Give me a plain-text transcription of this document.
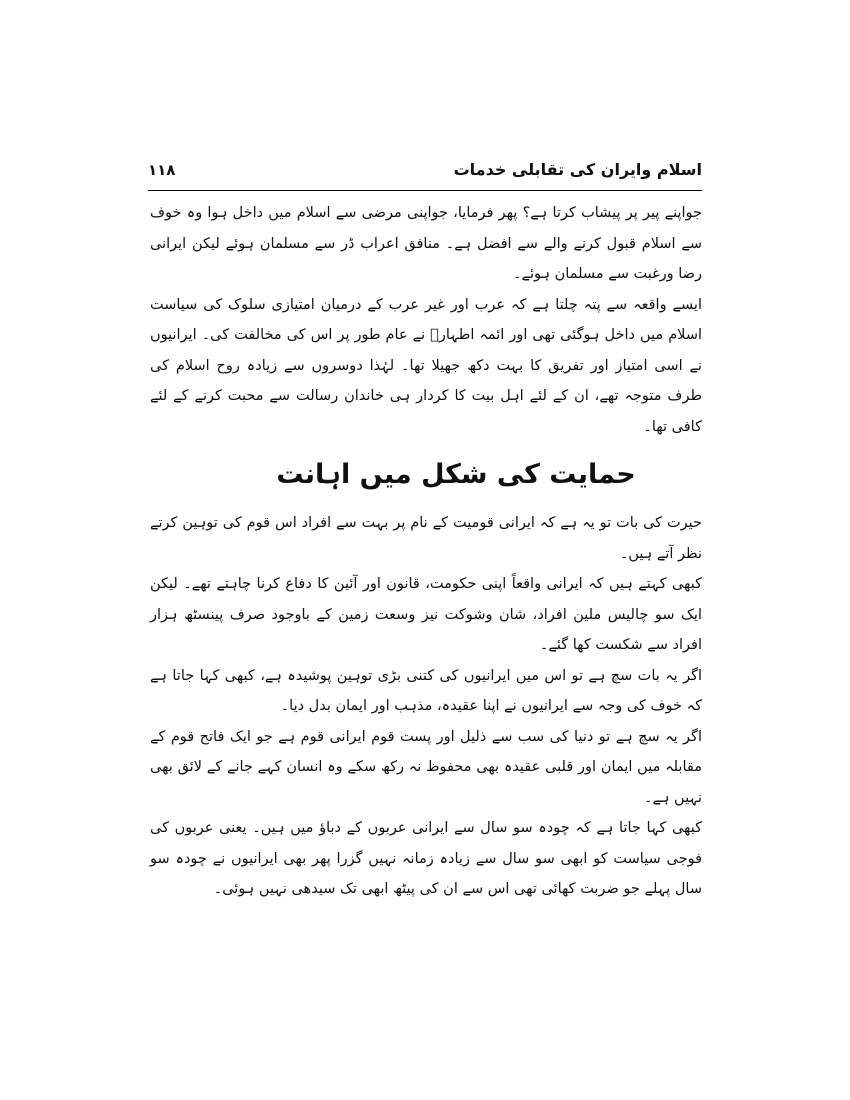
اسلام وایران کی تقابلی خدمات
۱۱۸

جواپنے پیر پر پیشاب کرتا ہے؟ پھر فرمایا، جواپنی مرضی سے اسلام میں داخل ہوا وہ خوف سے اسلام قبول کرنے والے سے افضل ہے۔ منافق اعراب ڈر سے مسلمان ہوئے لیکن ایرانی رضا ورغبت سے مسلمان ہوئے۔

ایسے واقعہ سے پتہ چلتا ہے کہ عرب اور غیر عرب کے درمیان امتیازی سلوک کی سیاست اسلام میں داخل ہوگئی تھی اور ائمہ اطہارؑ نے عام طور پر اس کی مخالفت کی۔ ایرانیوں نے اسی امتیاز اور تفریق کا بہت دکھ جھیلا تھا۔ لہٰذا دوسروں سے زیادہ روح اسلام کی طرف متوجہ تھے، ان کے لئے اہل بیت کا کردار ہی خاندان رسالت سے محبت کرنے کے لئے کافی تھا۔

حمایت کی شکل میں اہانت

حیرت کی بات تو یہ ہے کہ ایرانی قومیت کے نام پر بہت سے افراد اس قوم کی توہین کرتے نظر آتے ہیں۔

کبھی کہتے ہیں کہ ایرانی واقعاً اپنی حکومت، قانون اور آئین کا دفاع کرنا چاہتے تھے۔ لیکن ایک سو چالیس ملین افراد، شان وشوکت نیز وسعت زمین کے باوجود صرف پینسٹھ ہزار افراد سے شکست کھا گئے۔

اگر یہ بات سچ ہے تو اس میں ایرانیوں کی کتنی بڑی توہین پوشیدہ ہے، کبھی کہا جاتا ہے کہ خوف کی وجہ سے ایرانیوں نے اپنا عقیدہ، مذہب اور ایمان بدل دیا۔

اگر یہ سچ ہے تو دنیا کی سب سے ذلیل اور پست قوم ایرانی قوم ہے جو ایک فاتح قوم کے مقابلہ میں ایمان اور قلبی عقیدہ بھی محفوظ نہ رکھ سکے وہ انسان کہے جانے کے لائق بھی نہیں ہے۔

کبھی کہا جاتا ہے کہ چودہ سو سال سے ایرانی عربوں کے دباؤ میں ہیں۔ یعنی عربوں کی فوجی سیاست کو ابھی سو سال سے زیادہ زمانہ نہیں گزرا پھر بھی ایرانیوں نے چودہ سو سال پہلے جو ضربت کھائی تھی اس سے ان کی پیٹھ ابھی تک سیدھی نہیں ہوئی۔
